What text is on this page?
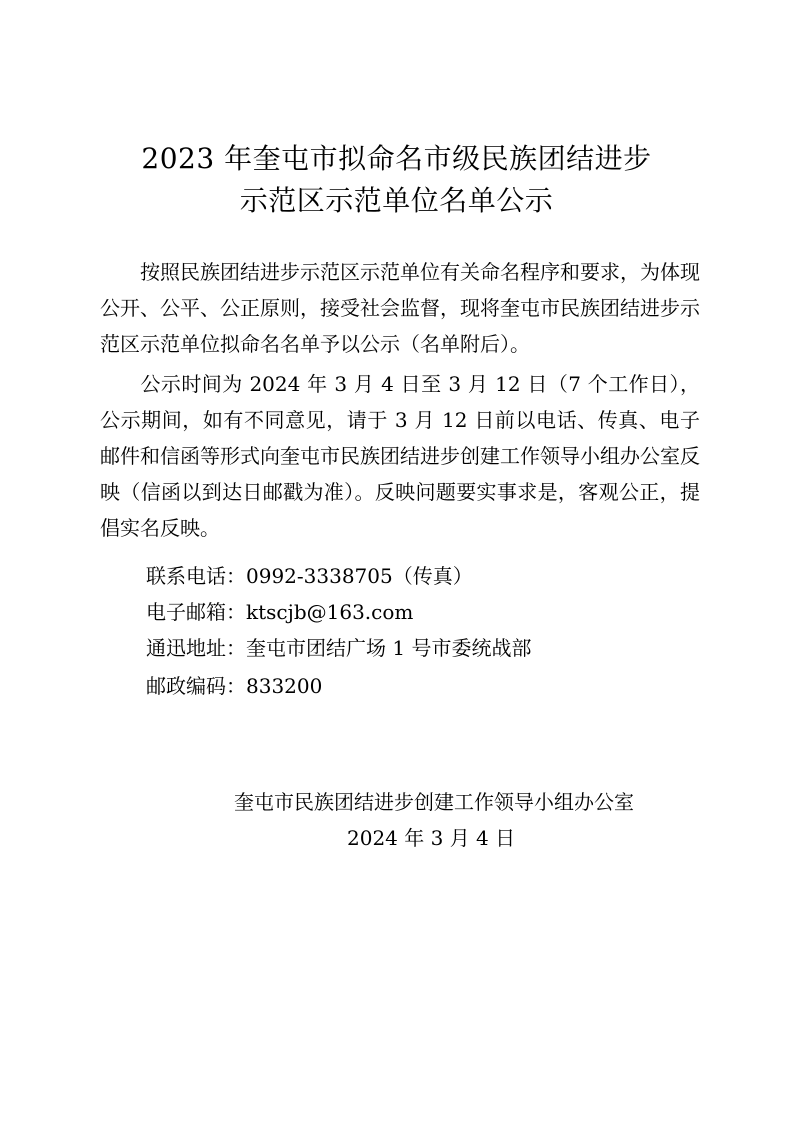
2023 年奎屯市拟命名市级民族团结进步
示范区示范单位名单公示
按照民族团结进步示范区示范单位有关命名程序和要求，为体现公开、公平、公正原则，接受社会监督，现将奎屯市民族团结进步示范区示范单位拟命名名单予以公示（名单附后）。
公示时间为 2024 年 3 月 4 日至 3 月 12 日（7 个工作日），公示期间，如有不同意见，请于 3 月 12 日前以电话、传真、电子邮件和信函等形式向奎屯市民族团结进步创建工作领导小组办公室反映（信函以到达日邮戳为准）。反映问题要实事求是，客观公正，提倡实名反映。
联系电话：0992-3338705（传真）
电子邮箱：ktscjb@163.com
通迅地址：奎屯市团结广场 1 号市委统战部
邮政编码：833200
奎屯市民族团结进步创建工作领导小组办公室
2024 年 3 月 4 日
